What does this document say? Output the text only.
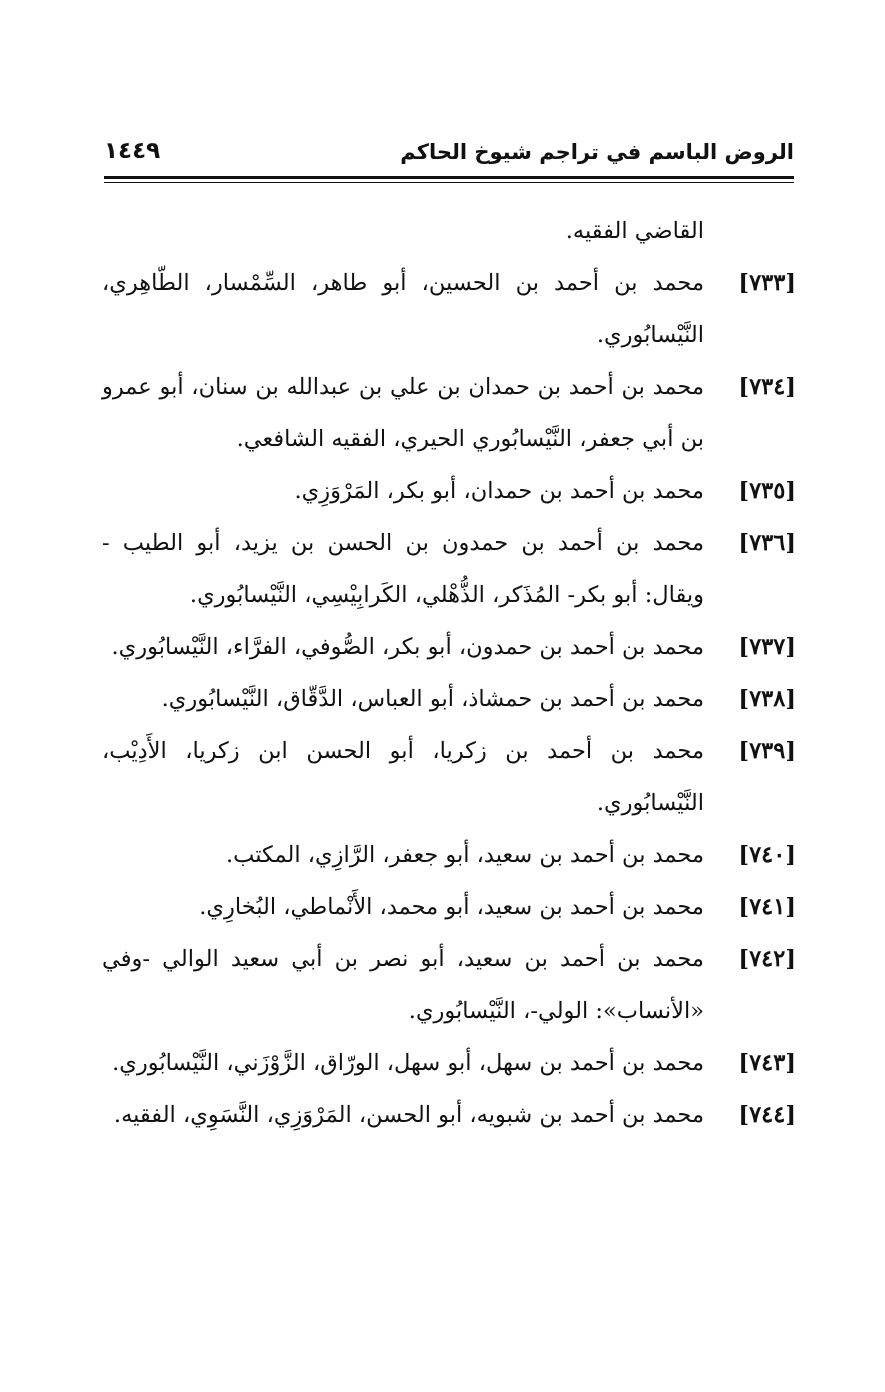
الروض الباسم في تراجم شيوخ الحاكم
١٤٤٩

القاضي الفقيه.

[٧٣٣]محمد بن أحمد بن الحسين، أبو طاهر، السِّمْسار، الطّاهِري، النَّيْسابُوري.

[٧٣٤]محمد بن أحمد بن حمدان بن علي بن عبدالله بن سنان، أبو عمرو بن أبي جعفر، النَّيْسابُوري الحيري، الفقيه الشافعي.

[٧٣٥]محمد بن أحمد بن حمدان، أبو بكر، المَرْوَزِي.

[٧٣٦]محمد بن أحمد بن حمدون بن الحسن بن يزيد، أبو الطيب - ويقال: أبو بكر- المُذَكر، الذُّهْلي، الكَرابِيْسِي، النَّيْسابُوري.

[٧٣٧]محمد بن أحمد بن حمدون، أبو بكر، الصُّوفي، الفرَّاء، النَّيْسابُوري.

[٧٣٨]محمد بن أحمد بن حمشاذ، أبو العباس، الدَّقّاق، النَّيْسابُوري.

[٧٣٩]محمد بن أحمد بن زكريا، أبو الحسن ابن زكريا، الأَدِيْب، النَّيْسابُوري.

[٧٤٠]محمد بن أحمد بن سعيد، أبو جعفر، الرَّازِي، المكتب.

[٧٤١]محمد بن أحمد بن سعيد، أبو محمد، الأَنْماطي، البُخارِي.

[٧٤٢]محمد بن أحمد بن سعيد، أبو نصر بن أبي سعيد الوالي -وفي «الأنساب»: الولي-، النَّيْسابُوري.

[٧٤٣]محمد بن أحمد بن سهل، أبو سهل، الورّاق، الزَّوْزَني، النَّيْسابُوري.

[٧٤٤]محمد بن أحمد بن شبويه، أبو الحسن، المَرْوَزِي، النَّسَوِي، الفقيه.
